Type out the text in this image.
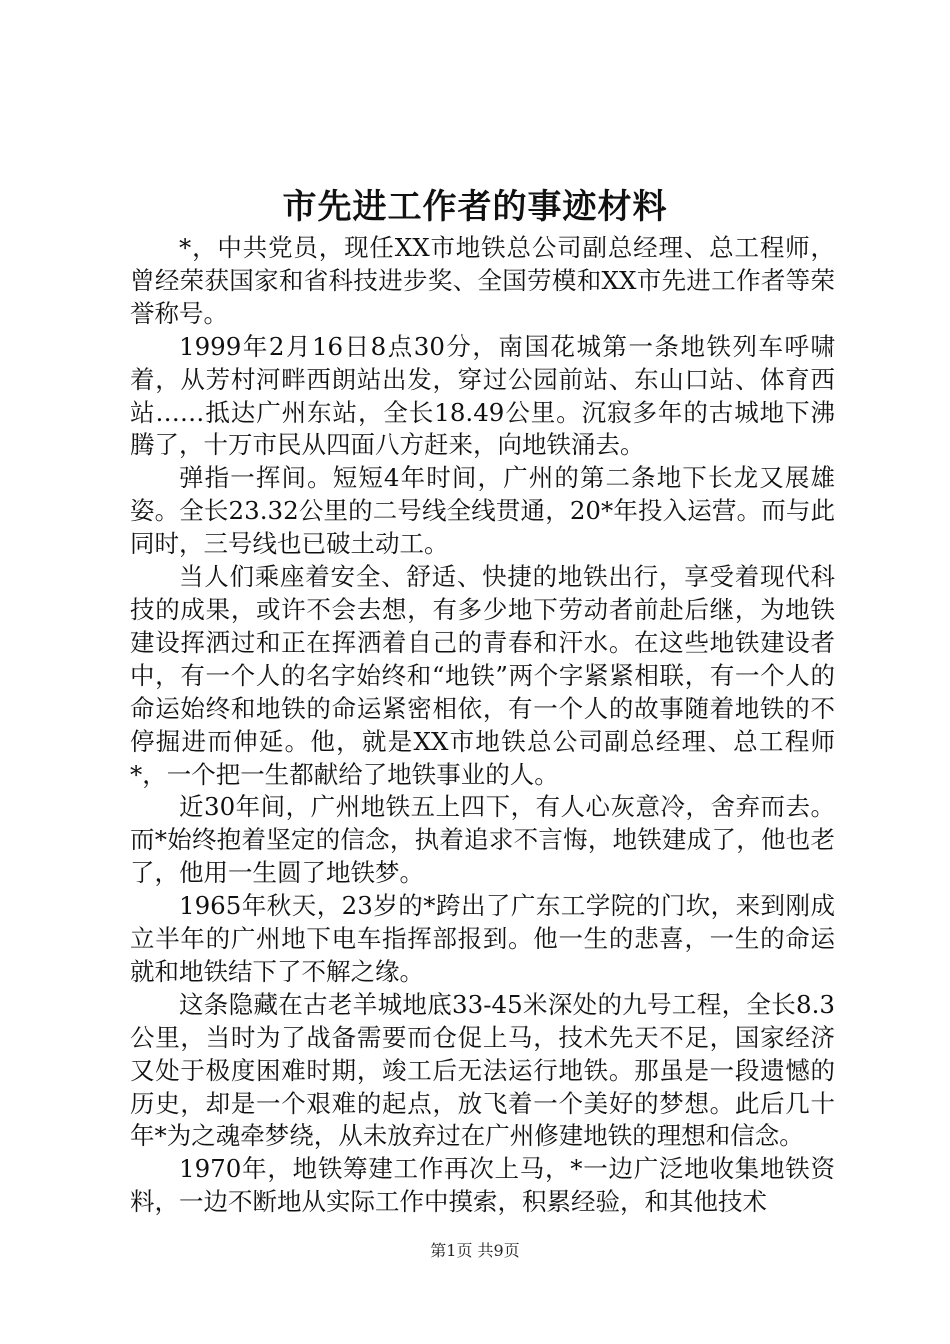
市先进工作者的事迹材料

*，中共党员，现任XX市地铁总公司副总经理、总工程师，曾经荣获国家和省科技进步奖、全国劳模和XX市先进工作者等荣誉称号。

1999年2月16日8点30分，南国花城第一条地铁列车呼啸着，从芳村河畔西朗站出发，穿过公园前站、东山口站、体育西站……抵达广州东站，全长18.49公里。沉寂多年的古城地下沸腾了，十万市民从四面八方赶来，向地铁涌去。

弹指一挥间。短短4年时间，广州的第二条地下长龙又展雄姿。全长23.32公里的二号线全线贯通，20*年投入运营。而与此同时，三号线也已破土动工。

当人们乘座着安全、舒适、快捷的地铁出行，享受着现代科技的成果，或许不会去想，有多少地下劳动者前赴后继，为地铁建设挥洒过和正在挥洒着自己的青春和汗水。在这些地铁建设者中，有一个人的名字始终和“地铁”两个字紧紧相联，有一个人的命运始终和地铁的命运紧密相依，有一个人的故事随着地铁的不停掘进而伸延。他，就是XX市地铁总公司副总经理、总工程师*，一个把一生都献给了地铁事业的人。

近30年间，广州地铁五上四下，有人心灰意冷，舍弃而去。而*始终抱着坚定的信念，执着追求不言悔，地铁建成了，他也老了，他用一生圆了地铁梦。

1965年秋天，23岁的*跨出了广东工学院的门坎，来到刚成立半年的广州地下电车指挥部报到。他一生的悲喜，一生的命运就和地铁结下了不解之缘。

这条隐藏在古老羊城地底33-45米深处的九号工程，全长8.3公里，当时为了战备需要而仓促上马，技术先天不足，国家经济又处于极度困难时期，竣工后无法运行地铁。那虽是一段遗憾的历史，却是一个艰难的起点，放飞着一个美好的梦想。此后几十年*为之魂牵梦绕，从未放弃过在广州修建地铁的理想和信念。

1970年，地铁筹建工作再次上马，*一边广泛地收集地铁资料，一边不断地从实际工作中摸索，积累经验，和其他技术

第1页 共9页
